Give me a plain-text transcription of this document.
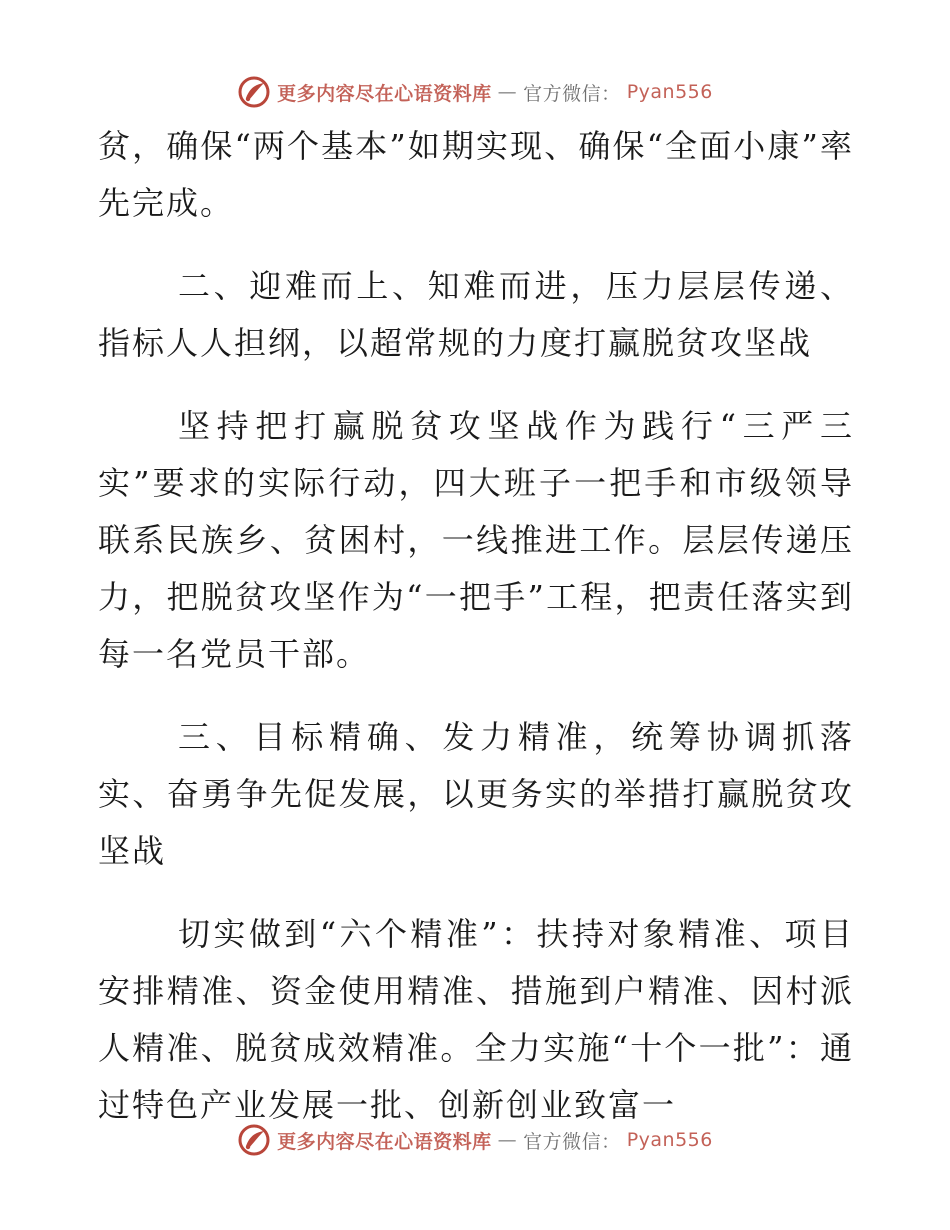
更多内容尽在心语资料库 — 官方微信： Pyan556

贫，确保“两个基本”如期实现、确保“全面小康”率先完成。

二、迎难而上、知难而进，压力层层传递、指标人人担纲，以超常规的力度打赢脱贫攻坚战

坚持把打赢脱贫攻坚战作为践行“三严三实”要求的实际行动，四大班子一把手和市级领导联系民族乡、贫困村，一线推进工作。层层传递压力，把脱贫攻坚作为“一把手”工程，把责任落实到每一名党员干部。

三、目标精确、发力精准，统筹协调抓落实、奋勇争先促发展，以更务实的举措打赢脱贫攻坚战

切实做到“六个精准”：扶持对象精准、项目安排精准、资金使用精准、措施到户精准、因村派人精准、脱贫成效精准。全力实施“十个一批”：通过特色产业发展一批、创新创业致富一

更多内容尽在心语资料库 — 官方微信： Pyan556
